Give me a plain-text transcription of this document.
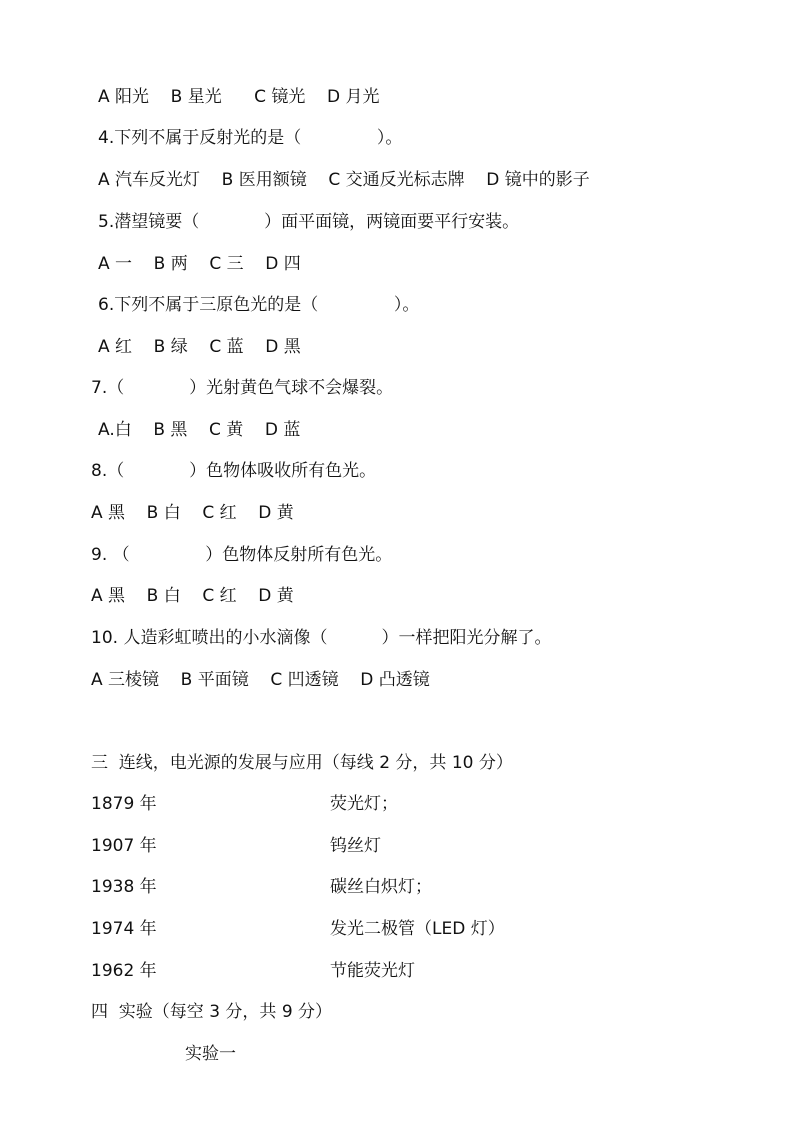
A 阳光    B 星光      C 镜光    D 月光
4.下列不属于反射光的是（              ）。
A 汽车反光灯    B 医用额镜    C 交通反光标志牌    D 镜中的影子
5.潜望镜要（            ）面平面镜，两镜面要平行安装。
A 一    B 两    C 三    D 四
6.下列不属于三原色光的是（              ）。
A 红    B 绿    C 蓝    D 黑
7.（            ）光射黄色气球不会爆裂。
A.白    B 黑    C 黄    D 蓝
8.（            ）色物体吸收所有色光。
A 黑    B 白    C 红    D 黄
9. （              ）色物体反射所有色光。
A 黑    B 白    C 红    D 黄
10. 人造彩虹喷出的小水滴像（          ）一样把阳光分解了。
A 三棱镜    B 平面镜    C 凹透镜    D 凸透镜
三  连线，电光源的发展与应用（每线 2 分，共 10 分）
1879 年	荧光灯；
1907 年	钨丝灯
1938 年	碳丝白炽灯；
1974 年	发光二极管（LED 灯）
1962 年	节能荧光灯
四  实验（每空 3 分，共 9 分）
实验一
